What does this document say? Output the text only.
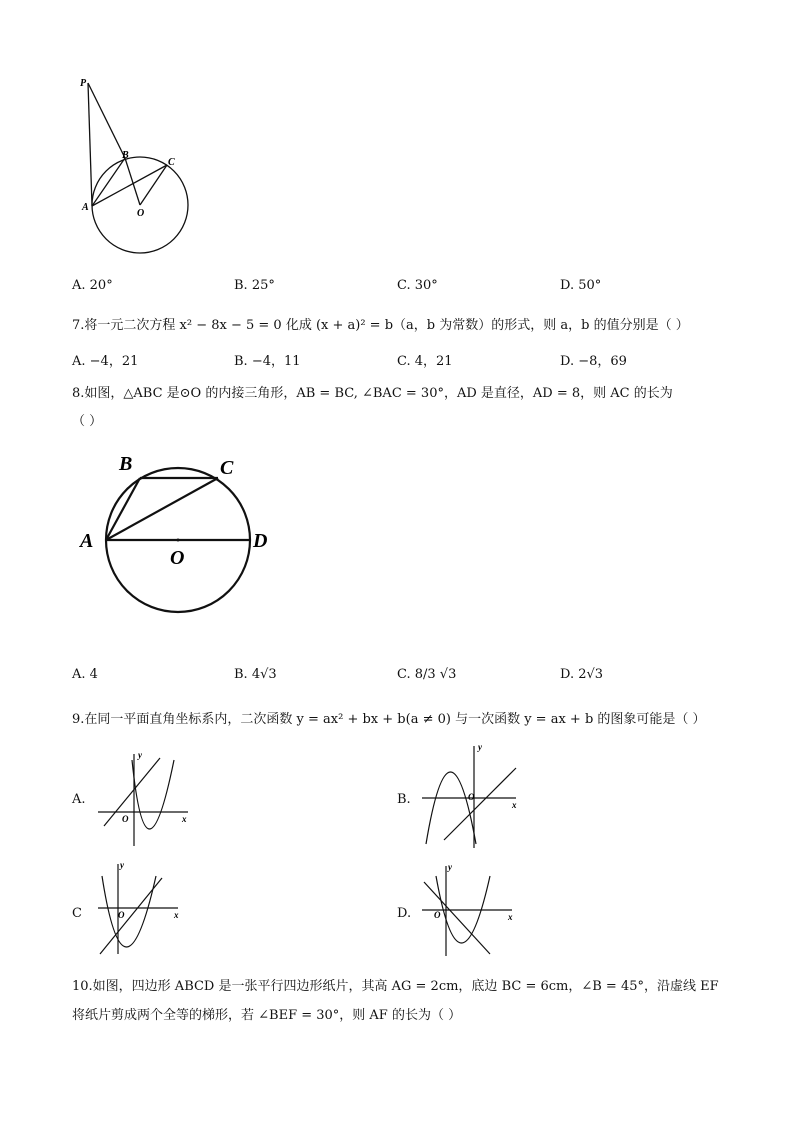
P
B
C
A
O
A. 20°	B. 25°	C. 30°	D. 50°
7.将一元二次方程 x² − 8x − 5 = 0 化成 (x + a)² = b（a，b 为常数）的形式，则 a，b 的值分别是（ ）
A. −4，21	B. −4，11	C. 4，21	D. −8，69
8.如图，△ABC 是⊙O 的内接三角形，AB = BC, ∠BAC = 30°，AD 是直径，AD = 8，则 AC 的长为
（ ）
B	C
A	D
O
A. 4	B. 4√3	C. 8/3 √3	D. 2√3
9.在同一平面直角坐标系内，二次函数 y = ax² + bx + b(a ≠ 0) 与一次函数 y = ax + b 的图象可能是（ ）
A.
y
x
O
B.
y
x
O
C
y
x
O	D.
y
x
O
10.如图，四边形 ABCD 是一张平行四边形纸片，其高 AG = 2cm，底边 BC = 6cm，∠B = 45°，沿虚线 EF
将纸片剪成两个全等的梯形，若 ∠BEF = 30°，则 AF 的长为（ ）
